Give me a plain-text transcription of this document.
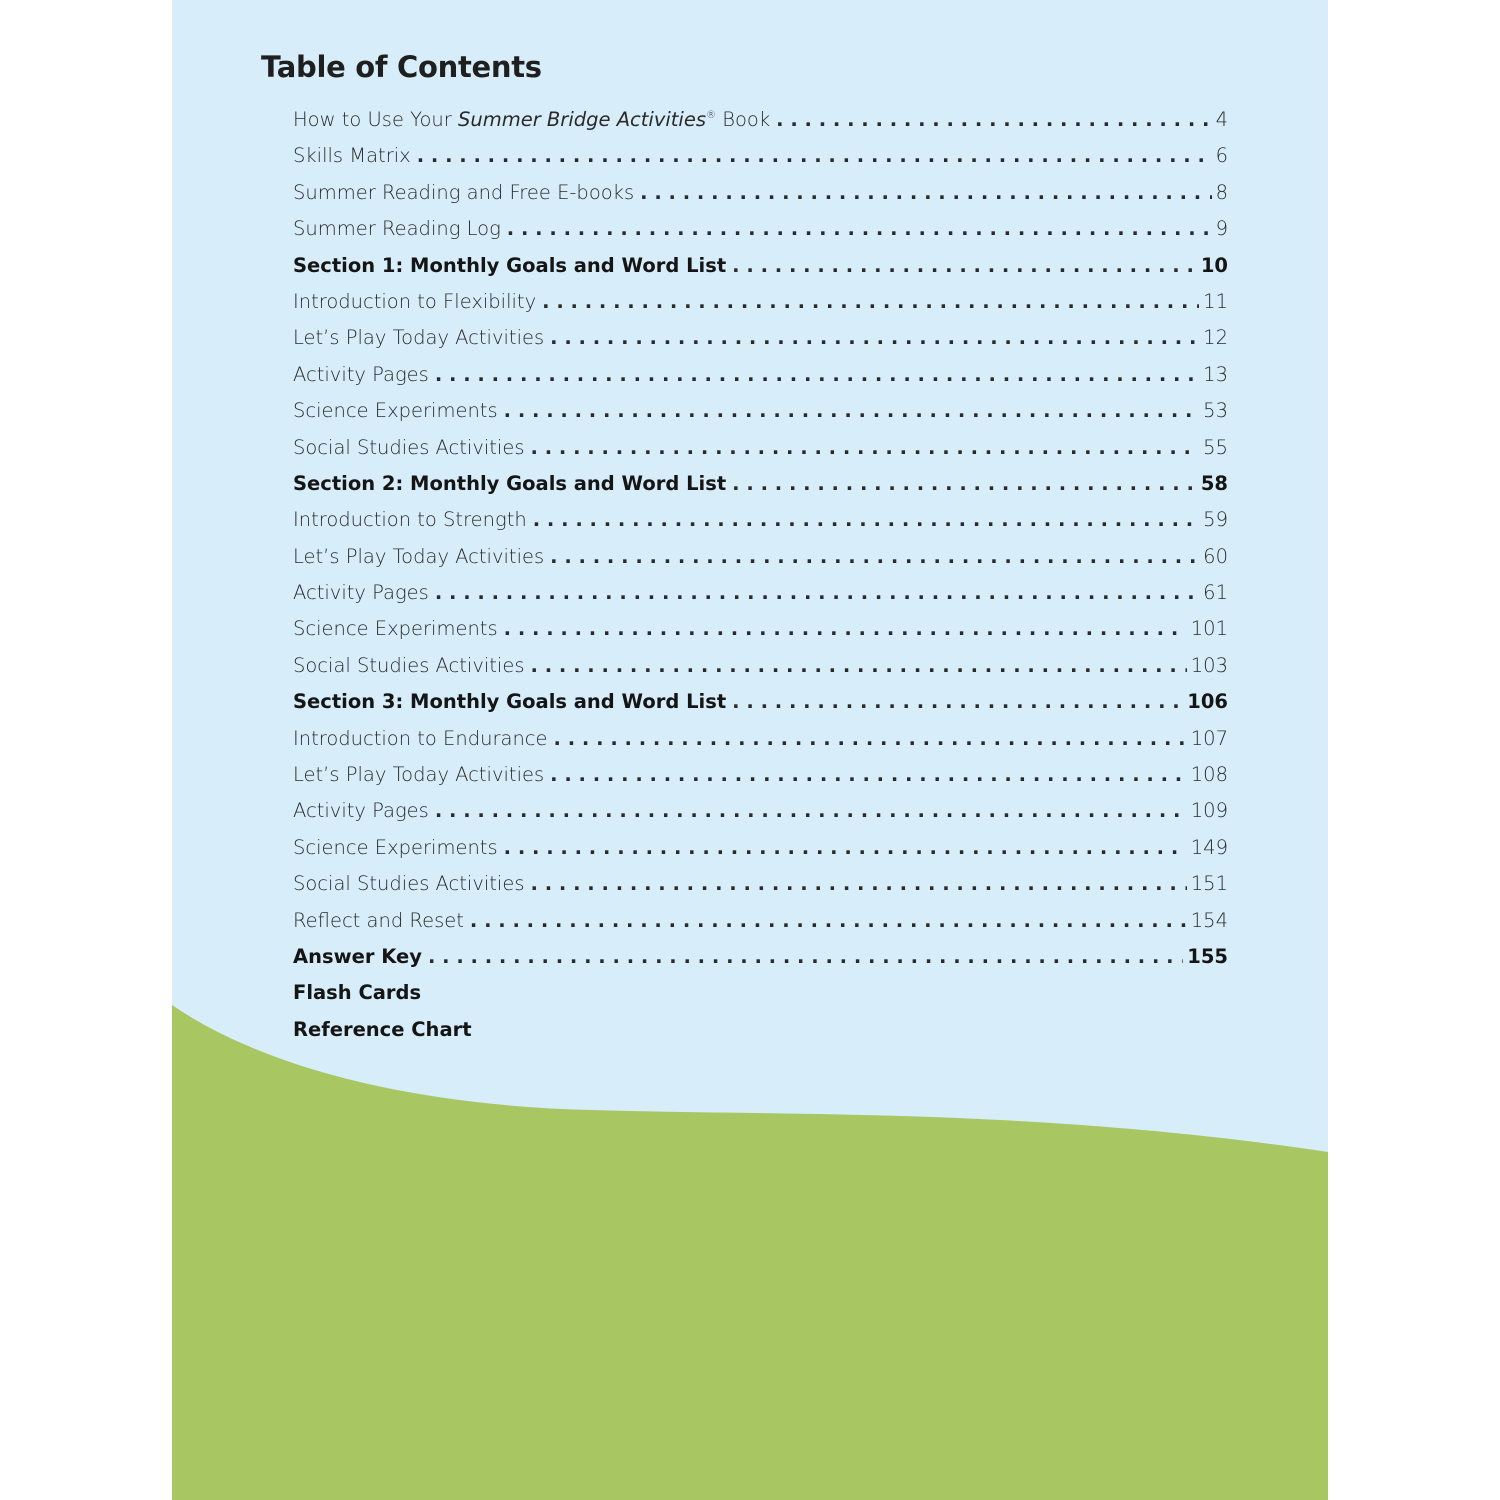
Table of Contents
How to Use Your Summer Bridge Activities® Book . . .	4
Skills Matrix . . .	6
Summer Reading and Free E-books . . .	8
Summer Reading Log . . .	9
Section 1: Monthly Goals and Word List . . .	10
Introduction to Flexibility . . .	11
Let’s Play Today Activities . . .	12
Activity Pages . . .	13
Science Experiments . . .	53
Social Studies Activities . . .	55
Section 2: Monthly Goals and Word List . . .	58
Introduction to Strength . . .	59
Let’s Play Today Activities . . .	60
Activity Pages . . .	61
Science Experiments . . .	101
Social Studies Activities . . .	103
Section 3: Monthly Goals and Word List . . .	106
Introduction to Endurance . . .	107
Let’s Play Today Activities . . .	108
Activity Pages . . .	109
Science Experiments . . .	149
Social Studies Activities . . .	151
Reflect and Reset . . .	154
Answer Key . . .	155
Flash Cards
Reference Chart
